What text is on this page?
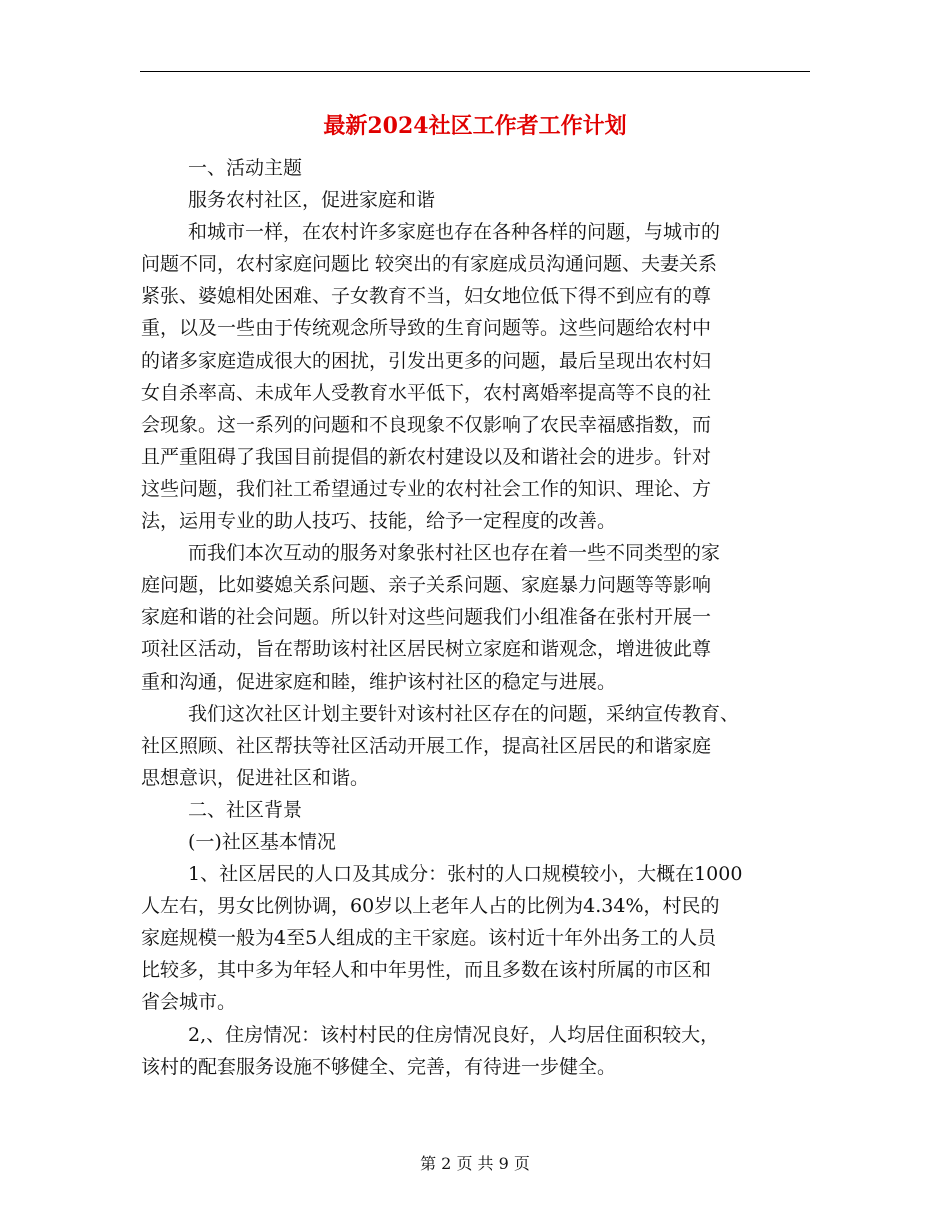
最新2024社区工作者工作计划

一、活动主题

服务农村社区，促进家庭和谐

和城市一样，在农村许多家庭也存在各种各样的问题，与城市的
问题不同，农村家庭问题比 较突出的有家庭成员沟通问题、夫妻关系
紧张、婆媳相处困难、子女教育不当，妇女地位低下得不到应有的尊
重，以及一些由于传统观念所导致的生育问题等。这些问题给农村中
的诸多家庭造成很大的困扰，引发出更多的问题，最后呈现出农村妇
女自杀率高、未成年人受教育水平低下，农村离婚率提高等不良的社
会现象。这一系列的问题和不良现象不仅影响了农民幸福感指数，而
且严重阻碍了我国目前提倡的新农村建设以及和谐社会的进步。针对
这些问题，我们社工希望通过专业的农村社会工作的知识、理论、方
法，运用专业的助人技巧、技能，给予一定程度的改善。

而我们本次互动的服务对象张村社区也存在着一些不同类型的家
庭问题，比如婆媳关系问题、亲子关系问题、家庭暴力问题等等影响
家庭和谐的社会问题。所以针对这些问题我们小组准备在张村开展一
项社区活动，旨在帮助该村社区居民树立家庭和谐观念，增进彼此尊
重和沟通，促进家庭和睦，维护该村社区的稳定与进展。

我们这次社区计划主要针对该村社区存在的问题，采纳宣传教育、
社区照顾、社区帮扶等社区活动开展工作，提高社区居民的和谐家庭
思想意识，促进社区和谐。

二、社区背景

(一)社区基本情况

1、社区居民的人口及其成分：张村的人口规模较小，大概在1000
人左右，男女比例协调，60岁以上老年人占的比例为4.34%，村民的
家庭规模一般为4至5人组成的主干家庭。该村近十年外出务工的人员
比较多，其中多为年轻人和中年男性，而且多数在该村所属的市区和
省会城市。

2,、住房情况：该村村民的住房情况良好，人均居住面积较大，
该村的配套服务设施不够健全、完善，有待进一步健全。

第 2 页 共 9 页
